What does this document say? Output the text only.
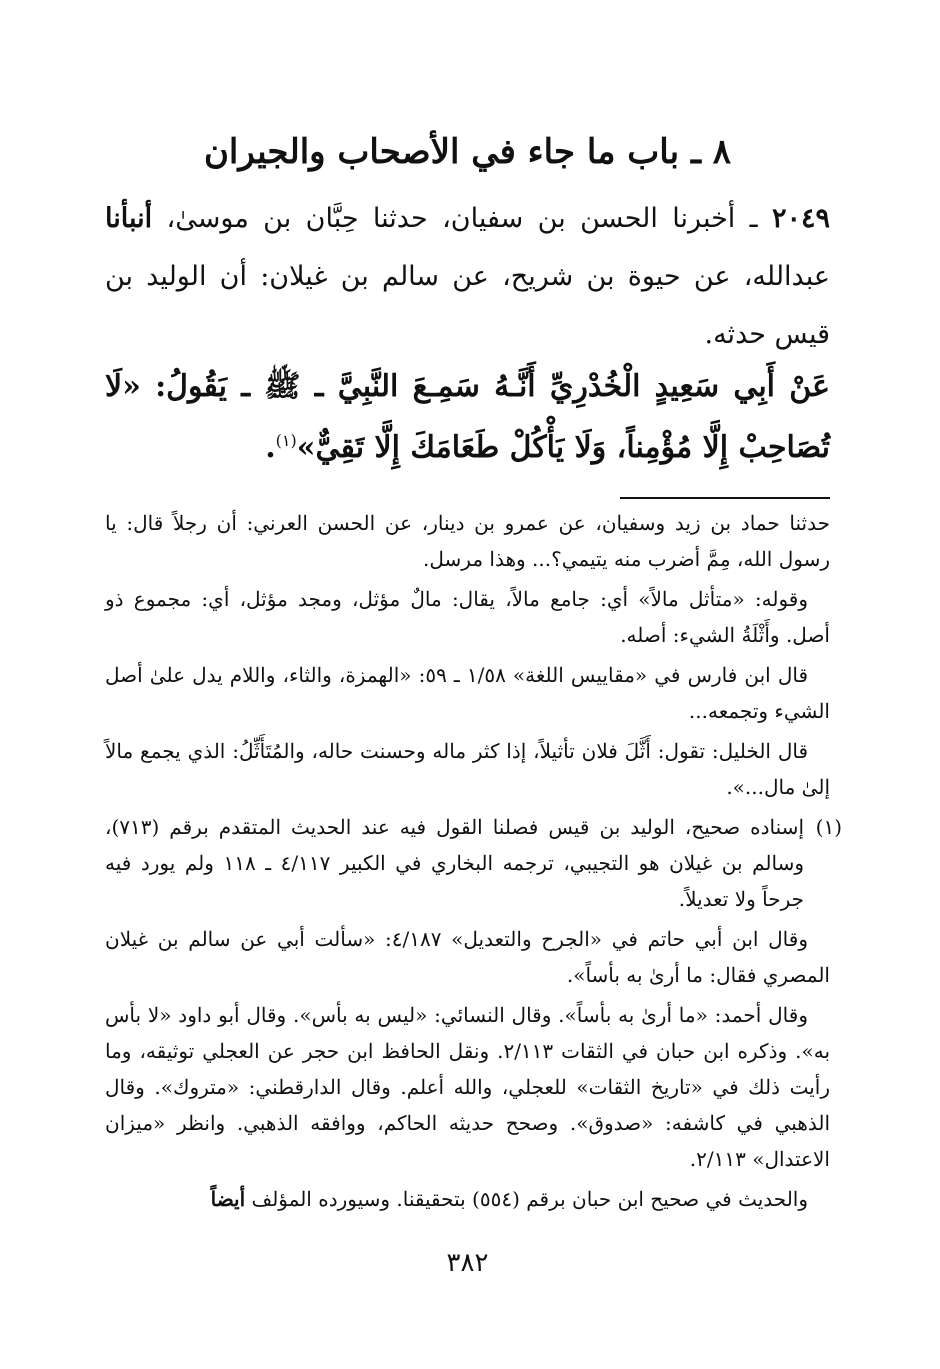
٨ ـ باب ما جاء في الأصحاب والجيران
٢٠٤٩ ـ أخبرنا الحسن بن سفيان، حدثنا حِبَّان بن موسىٰ، أنبأنا عبدالله، عن حيوة بن شريح، عن سالم بن غيلان: أن الوليد بن قيس حدثه.
عَنْ أَبِي سَعِيدٍ الْخُدْرِيِّ أَنَّـهُ سَمِـعَ النَّبِيَّ ـ ﷺ ـ يَقُولُ: «لَا تُصَاحِبْ إِلَّا مُؤْمِناً، وَلَا يَأْكُلْ طَعَامَكَ إِلَّا تَقِيٌّ»$^{(١)}$.

حدثنا حماد بن زيد وسفيان، عن عمرو بن دينار، عن الحسن العرني: أن رجلاً قال: يا رسول الله، مِمَّ أضرب منه يتيمي؟... وهذا مرسل.

وقوله: «متأثل مالاً» أي: جامع مالاً، يقال: مالٌ مؤثل، ومجد مؤثل، أي: مجموع ذو أصل. وأَثْلَةُ الشيء: أصله.

قال ابن فارس في «مقاييس اللغة» ١/٥٨ ـ ٥٩: «الهمزة، والثاء، واللام يدل علىٰ أصل الشيء وتجمعه...

قال الخليل: تقول: أَثَّلَ فلان تأثيلاً، إذا كثر ماله وحسنت حاله، والمُتَأَثِّلُ: الذي يجمع مالاً إلىٰ مال...».

(١)

إسناده صحيح، الوليد بن قيس فصلنا القول فيه عند الحديث المتقدم برقم (٧١٣)، وسالم بن غيلان هو التجيبي، ترجمه البخاري في الكبير ٤/١١٧ ـ ١١٨ ولم يورد فيه جرحاً ولا تعديلاً.

وقال ابن أبي حاتم في «الجرح والتعديل» ٤/١٨٧: «سألت أبي عن سالم بن غيلان المصري فقال: ما أرىٰ به بأساً».

وقال أحمد: «ما أرىٰ به بأساً». وقال النسائي: «ليس به بأس». وقال أبو داود «لا بأس به». وذكره ابن حبان في الثقات ٢/١١٣. ونقل الحافظ ابن حجر عن العجلي توثيقه، وما رأيت ذلك في «تاريخ الثقات» للعجلي، والله أعلم. وقال الدارقطني: «متروك». وقال الذهبي في كاشفه: «صدوق». وصحح حديثه الحاكم، ووافقه الذهبي. وانظر «ميزان الاعتدال» ٢/١١٣.

والحديث في صحيح ابن حبان برقم (٥٥٤) بتحقيقنا. وسيورده المؤلف أيضاً

٣٨٢
